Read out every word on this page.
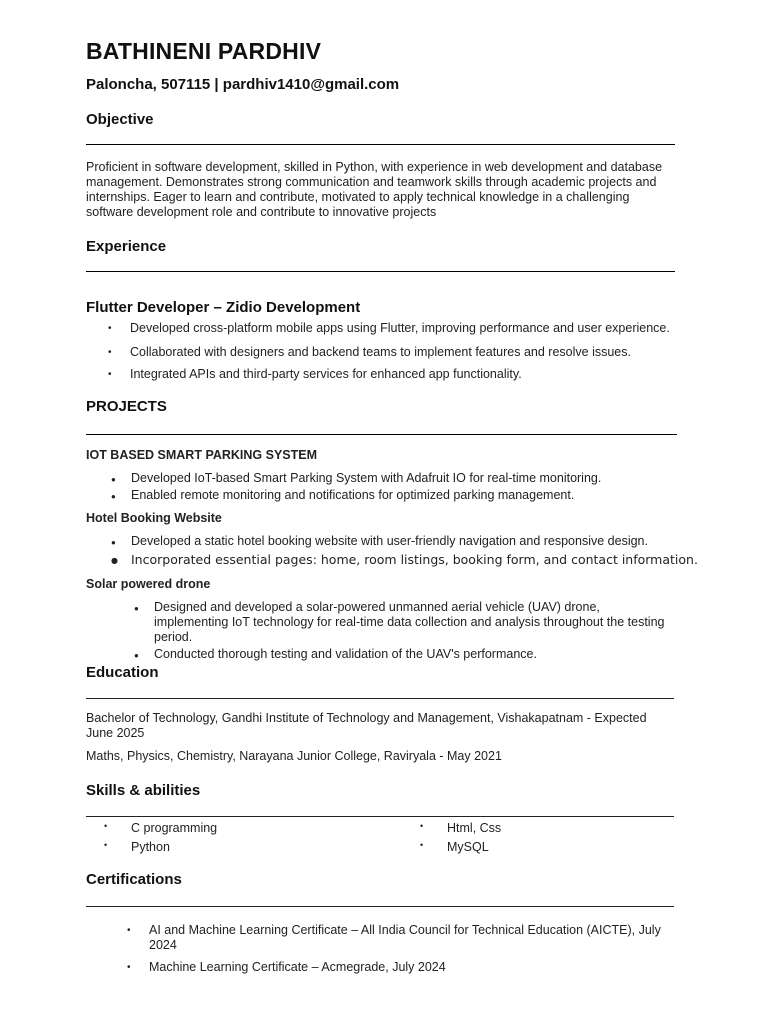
BATHINENI PARDHIV
Paloncha, 507115 | pardhiv1410@gmail.com
Objective
Proficient in software development, skilled in Python, with experience in web development and database
management. Demonstrates strong communication and teamwork skills through academic projects and
internships. Eager to learn and contribute, motivated to apply technical knowledge in a challenging
software development role and contribute to innovative projects
Experience
Flutter Developer – Zidio Development
• Developed cross-platform mobile apps using Flutter, improving performance and user experience.
• Collaborated with designers and backend teams to implement features and resolve issues.
• Integrated APIs and third-party services for enhanced app functionality.
PROJECTS
IOT BASED SMART PARKING SYSTEM
● Developed IoT-based Smart Parking System with Adafruit IO for real-time monitoring.
● Enabled remote monitoring and notifications for optimized parking management.
Hotel Booking Website
● Developed a static hotel booking website with user-friendly navigation and responsive design.
● Incorporated essential pages: home, room listings, booking form, and contact information.
Solar powered drone
● Designed and developed a solar-powered unmanned aerial vehicle (UAV) drone,
implementing IoT technology for real-time data collection and analysis throughout the testing
period.
● Conducted thorough testing and validation of the UAV's performance.
Education
Bachelor of Technology, Gandhi Institute of Technology and Management, Vishakapatnam - Expected
June 2025
Maths, Physics, Chemistry, Narayana Junior College, Raviryala - May 2021
Skills & abilities
• C programming
• Python
• Html, Css
• MySQL
Certifications
• AI and Machine Learning Certificate – All India Council for Technical Education (AICTE), July
2024
• Machine Learning Certificate – Acmegrade, July 2024
